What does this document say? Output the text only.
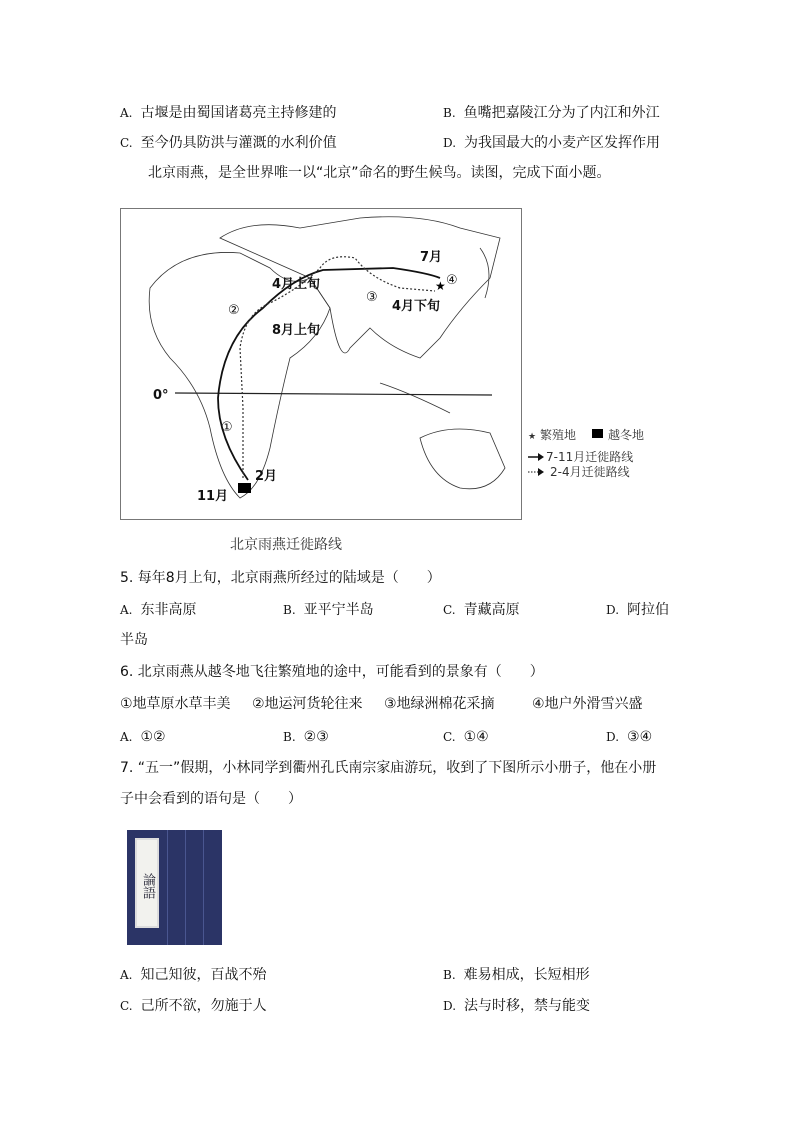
A. 古堰是由蜀国诸葛亮主持修建的	B. 鱼嘴把嘉陵江分为了内江和外江
C. 至今仍具防洪与灌溉的水利价值	D. 为我国最大的小麦产区发挥作用
北京雨燕，是全世界唯一以“北京”命名的野生候鸟。读图，完成下面小题。
★
0°
4月上旬
8月上旬
7月
4月下旬
2月
11月
①
②
③
④
★ 繁殖地	越冬地
7-11月迁徙路线
2-4月迁徙路线
北京雨燕迁徙路线
5. 每年8月上旬，北京雨燕所经过的陆域是（　　）
A. 东非高原	B. 亚平宁半岛	C. 青藏高原	D. 阿拉伯
半岛
6. 北京雨燕从越冬地飞往繁殖地的途中，可能看到的景象有（　　）
①地草原水草丰美 ②地运河货轮往来 ③地绿洲棉花采摘	④地户外滑雪兴盛
A. ①②	B. ②③	C. ①④	D. ③④
7. “五一”假期，小林同学到衢州孔氏南宗家庙游玩，收到了下图所示小册子，他在小册
子中会看到的语句是（　　）
論語
A. 知己知彼，百战不殆	B. 难易相成，长短相形
C. 己所不欲，勿施于人	D. 法与时移，禁与能变
